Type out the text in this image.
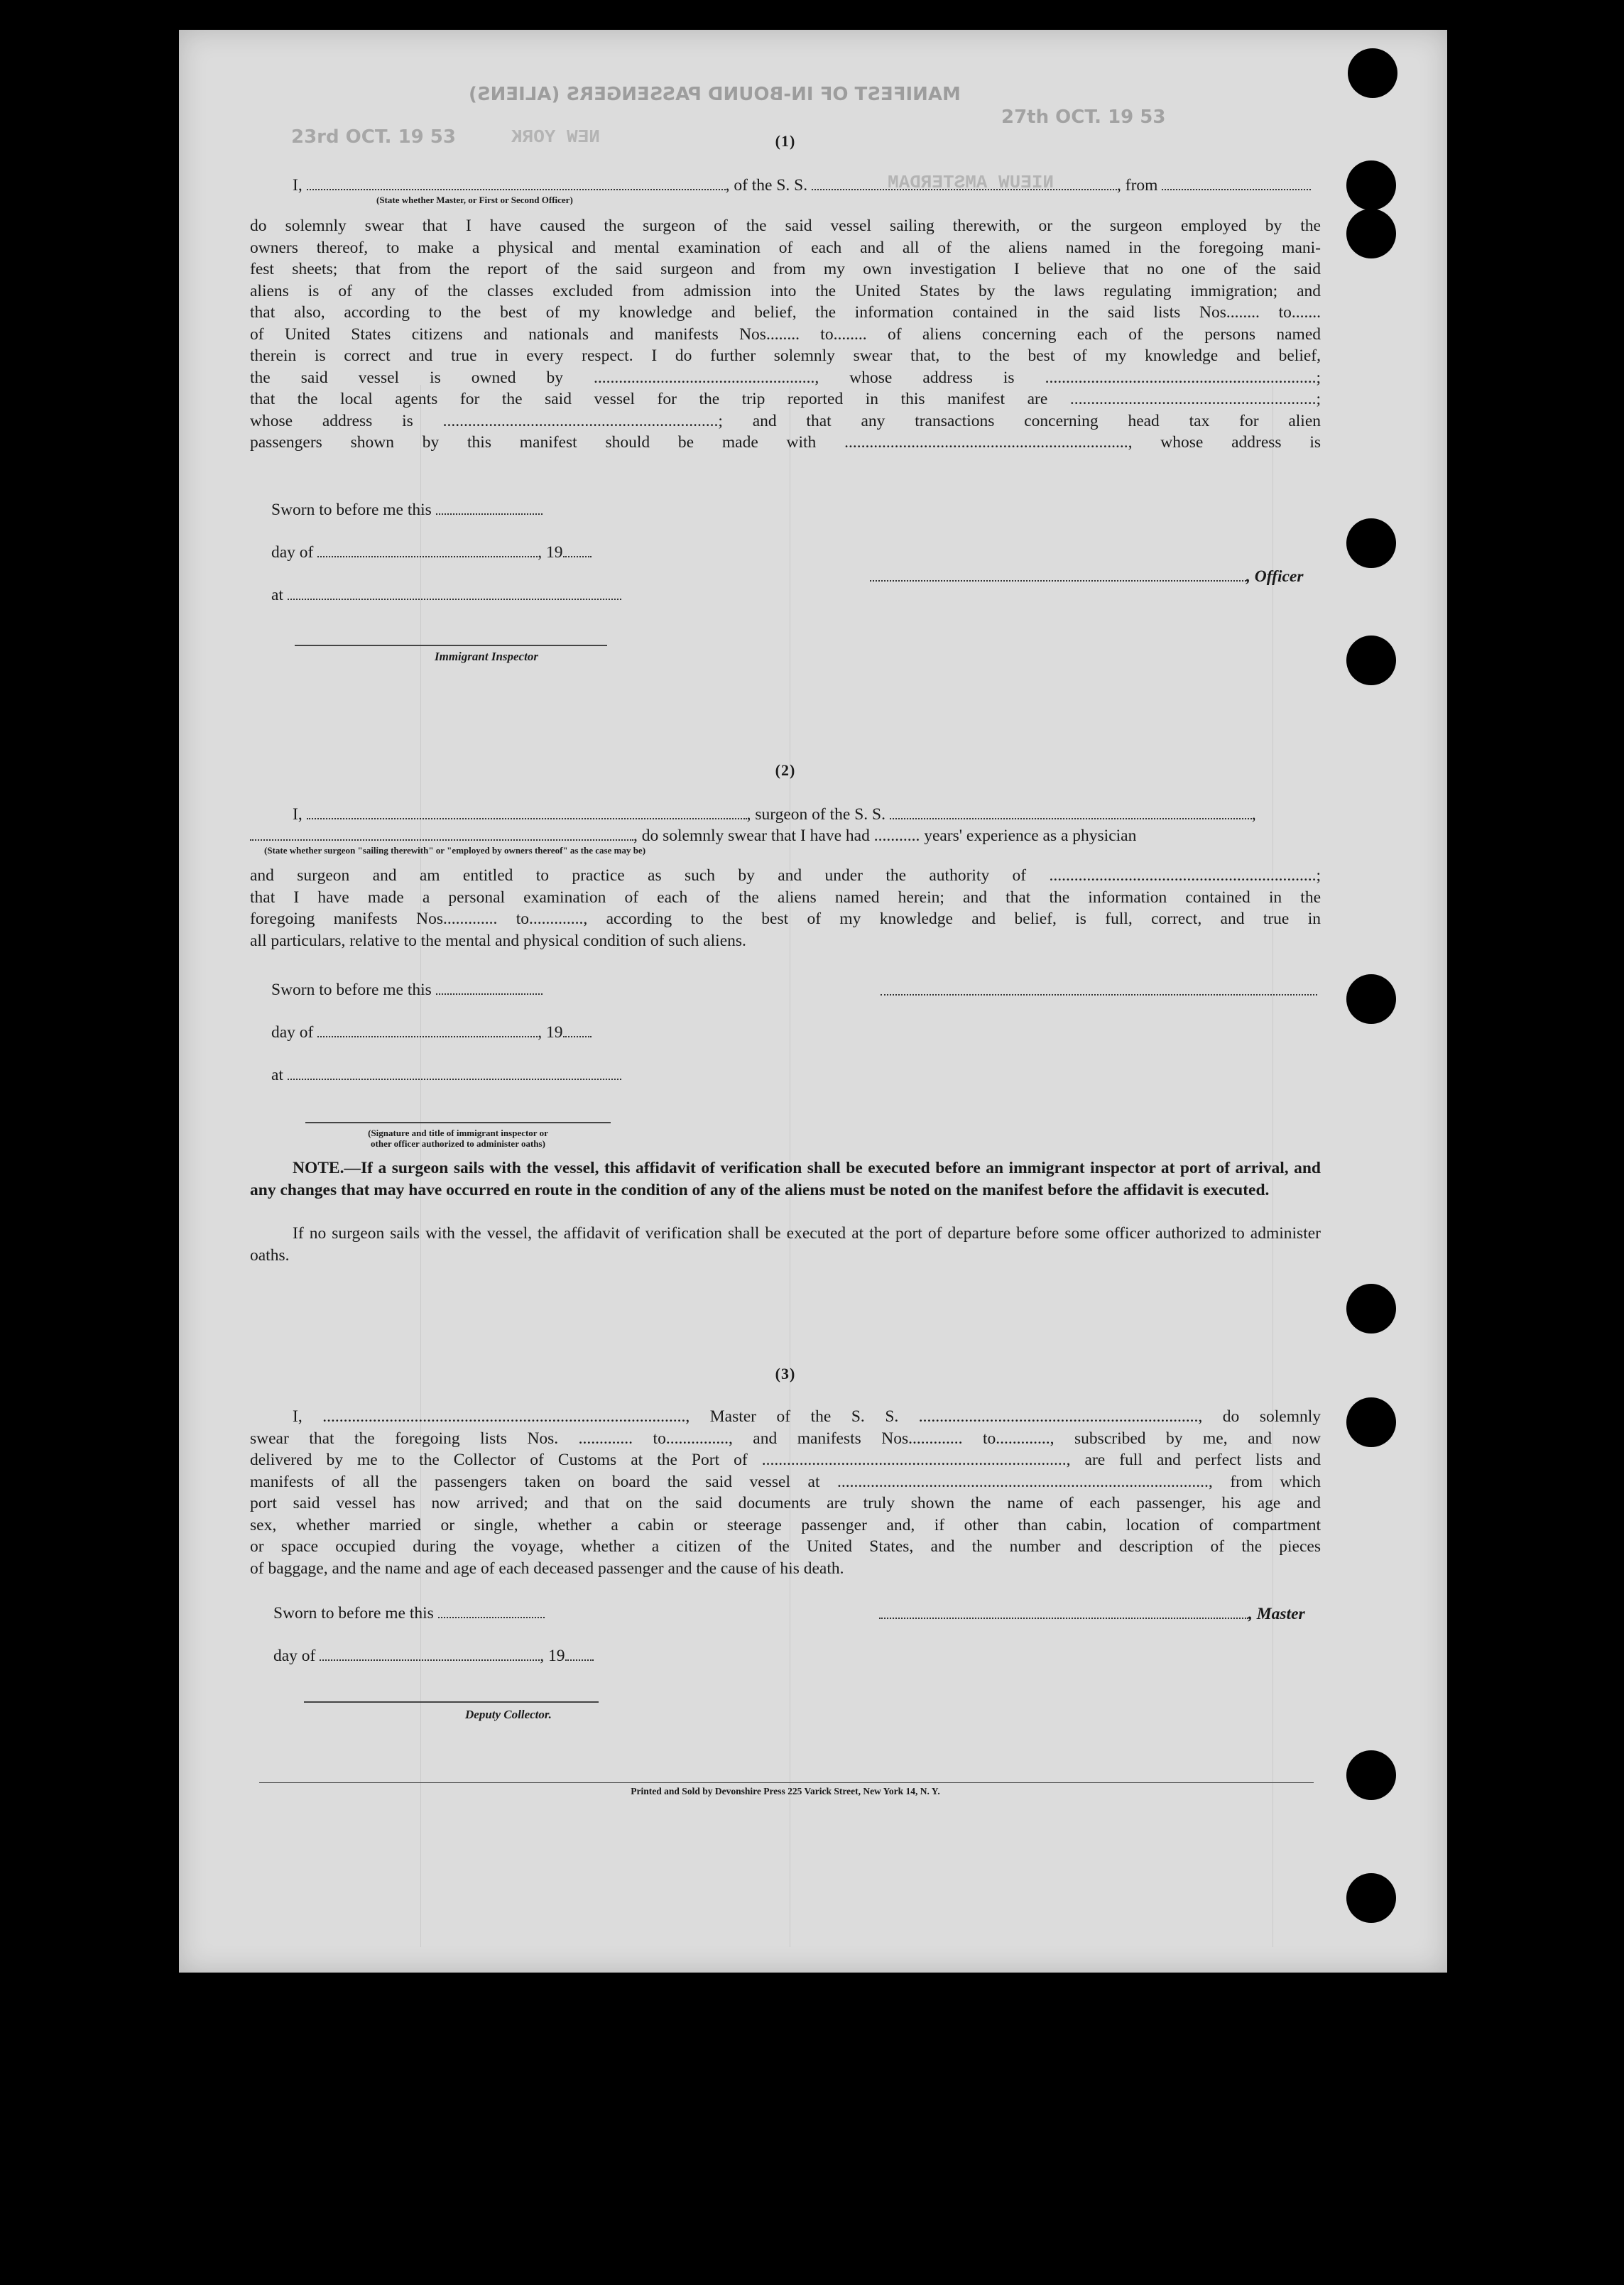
MANIFEST OF IN-BOUND PASSENGERS (ALIENS)
27th OCT. 19 53
23rd OCT. 19 53
NIEUW AMSTERDAM
NEW YORK	(1)
I,	, of the S. S.	, from
(State whether Master, or First or Second Officer)
do solemnly swear that I have caused the surgeon of the said vessel sailing therewith, or the surgeon employed by the
owners thereof, to make a physical and mental examination of each and all of the aliens named in the foregoing mani-
fest sheets; that from the report of the said surgeon and from my own investigation I believe that no one of the said
aliens is of any of the classes excluded from admission into the United States by the laws regulating immigration; and
that also, according to the best of my knowledge and belief, the information contained in the said lists Nos........ to.......
of United States citizens and nationals and manifests Nos........ to........ of aliens concerning each of the persons named
therein is correct and true in every respect. I do further solemnly swear that, to the best of my knowledge and belief,
the said vessel is owned by ....................................................., whose address is .................................................................;
that the local agents for the said vessel for the trip reported in this manifest are ...........................................................;
whose address is ..................................................................; and that any transactions concerning head tax for alien
passengers shown by this manifest should be made with ...................................................................., whose address is
Sworn to before me this
day of	, 19
at
, Officer
Immigrant Inspector
(2)
I,	, surgeon of the S. S.	,
, do solemnly swear that I have had ........... years' experience as a physician
(State whether surgeon "sailing therewith" or "employed by owners thereof" as the case may be)
and surgeon and am entitled to practice as such by and under the authority of ................................................................;
that I have made a personal examination of each of the aliens named herein; and that the information contained in the
foregoing manifests Nos............. to............., according to the best of my knowledge and belief, is full, correct, and true in
all particulars, relative to the mental and physical condition of such aliens.
Sworn to before me this
day of	, 19
at
(Signature and title of immigrant inspector or
other officer authorized to administer oaths)
NOTE.—If a surgeon sails with the vessel, this affidavit of verification shall be executed before an immigrant inspector at port of arrival, and any changes that may have occurred en route in the condition of any of the aliens must be noted on the manifest before the affidavit is executed.
If no surgeon sails with the vessel, the affidavit of verification shall be executed at the port of departure before some officer authorized to administer oaths.
(3)
I, ......................................................................................., Master of the S. S. ..................................................................., do solemnly
swear that the foregoing lists Nos. ............. to..............., and manifests Nos............. to............., subscribed by me, and now
delivered by me to the Collector of Customs at the Port of ........................................................................., are full and perfect lists and
manifests of all the passengers taken on board the said vessel at ........................................................................................., from which
port said vessel has now arrived; and that on the said documents are truly shown the name of each passenger, his age and
sex, whether married or single, whether a cabin or steerage passenger and, if other than cabin, location of compartment
or space occupied during the voyage, whether a citizen of the United States, and the number and description of the pieces
of baggage, and the name and age of each deceased passenger and the cause of his death.
Sworn to before me this
day of	, 19
, Master
Deputy Collector.
Printed and Sold by Devonshire Press 225 Varick Street, New York 14, N. Y.
